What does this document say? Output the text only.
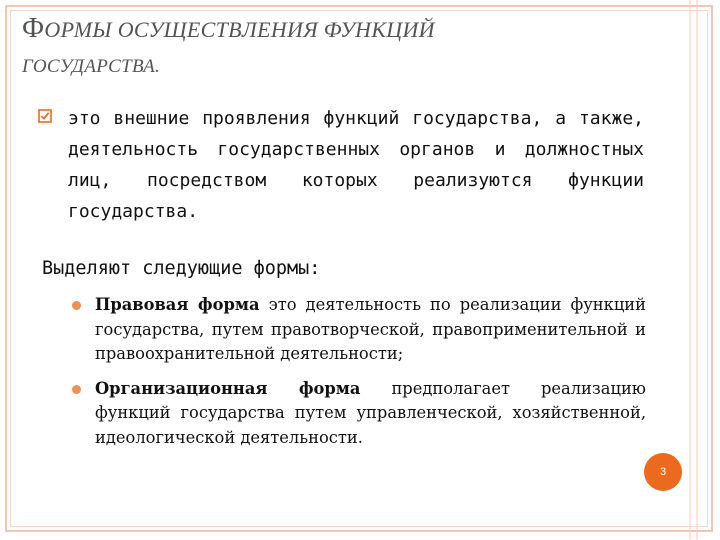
ФОРМЫ ОСУЩЕСТВЛЕНИЯ ФУНКЦИЙ
ГОСУДАРСТВА.
это внешние проявления функций государства, а также, деятельность государственных органов и должностных лиц, посредством которых реализуются функции государства.
Выделяют следующие формы:
Правовая форма это деятельность по реализации функций государства, путем правотворческой, правоприменительной и правоохранительной деятельности;
Организационная форма предполагает реализацию функций государства путем управленческой, хозяйственной, идеологической деятельности.
3
